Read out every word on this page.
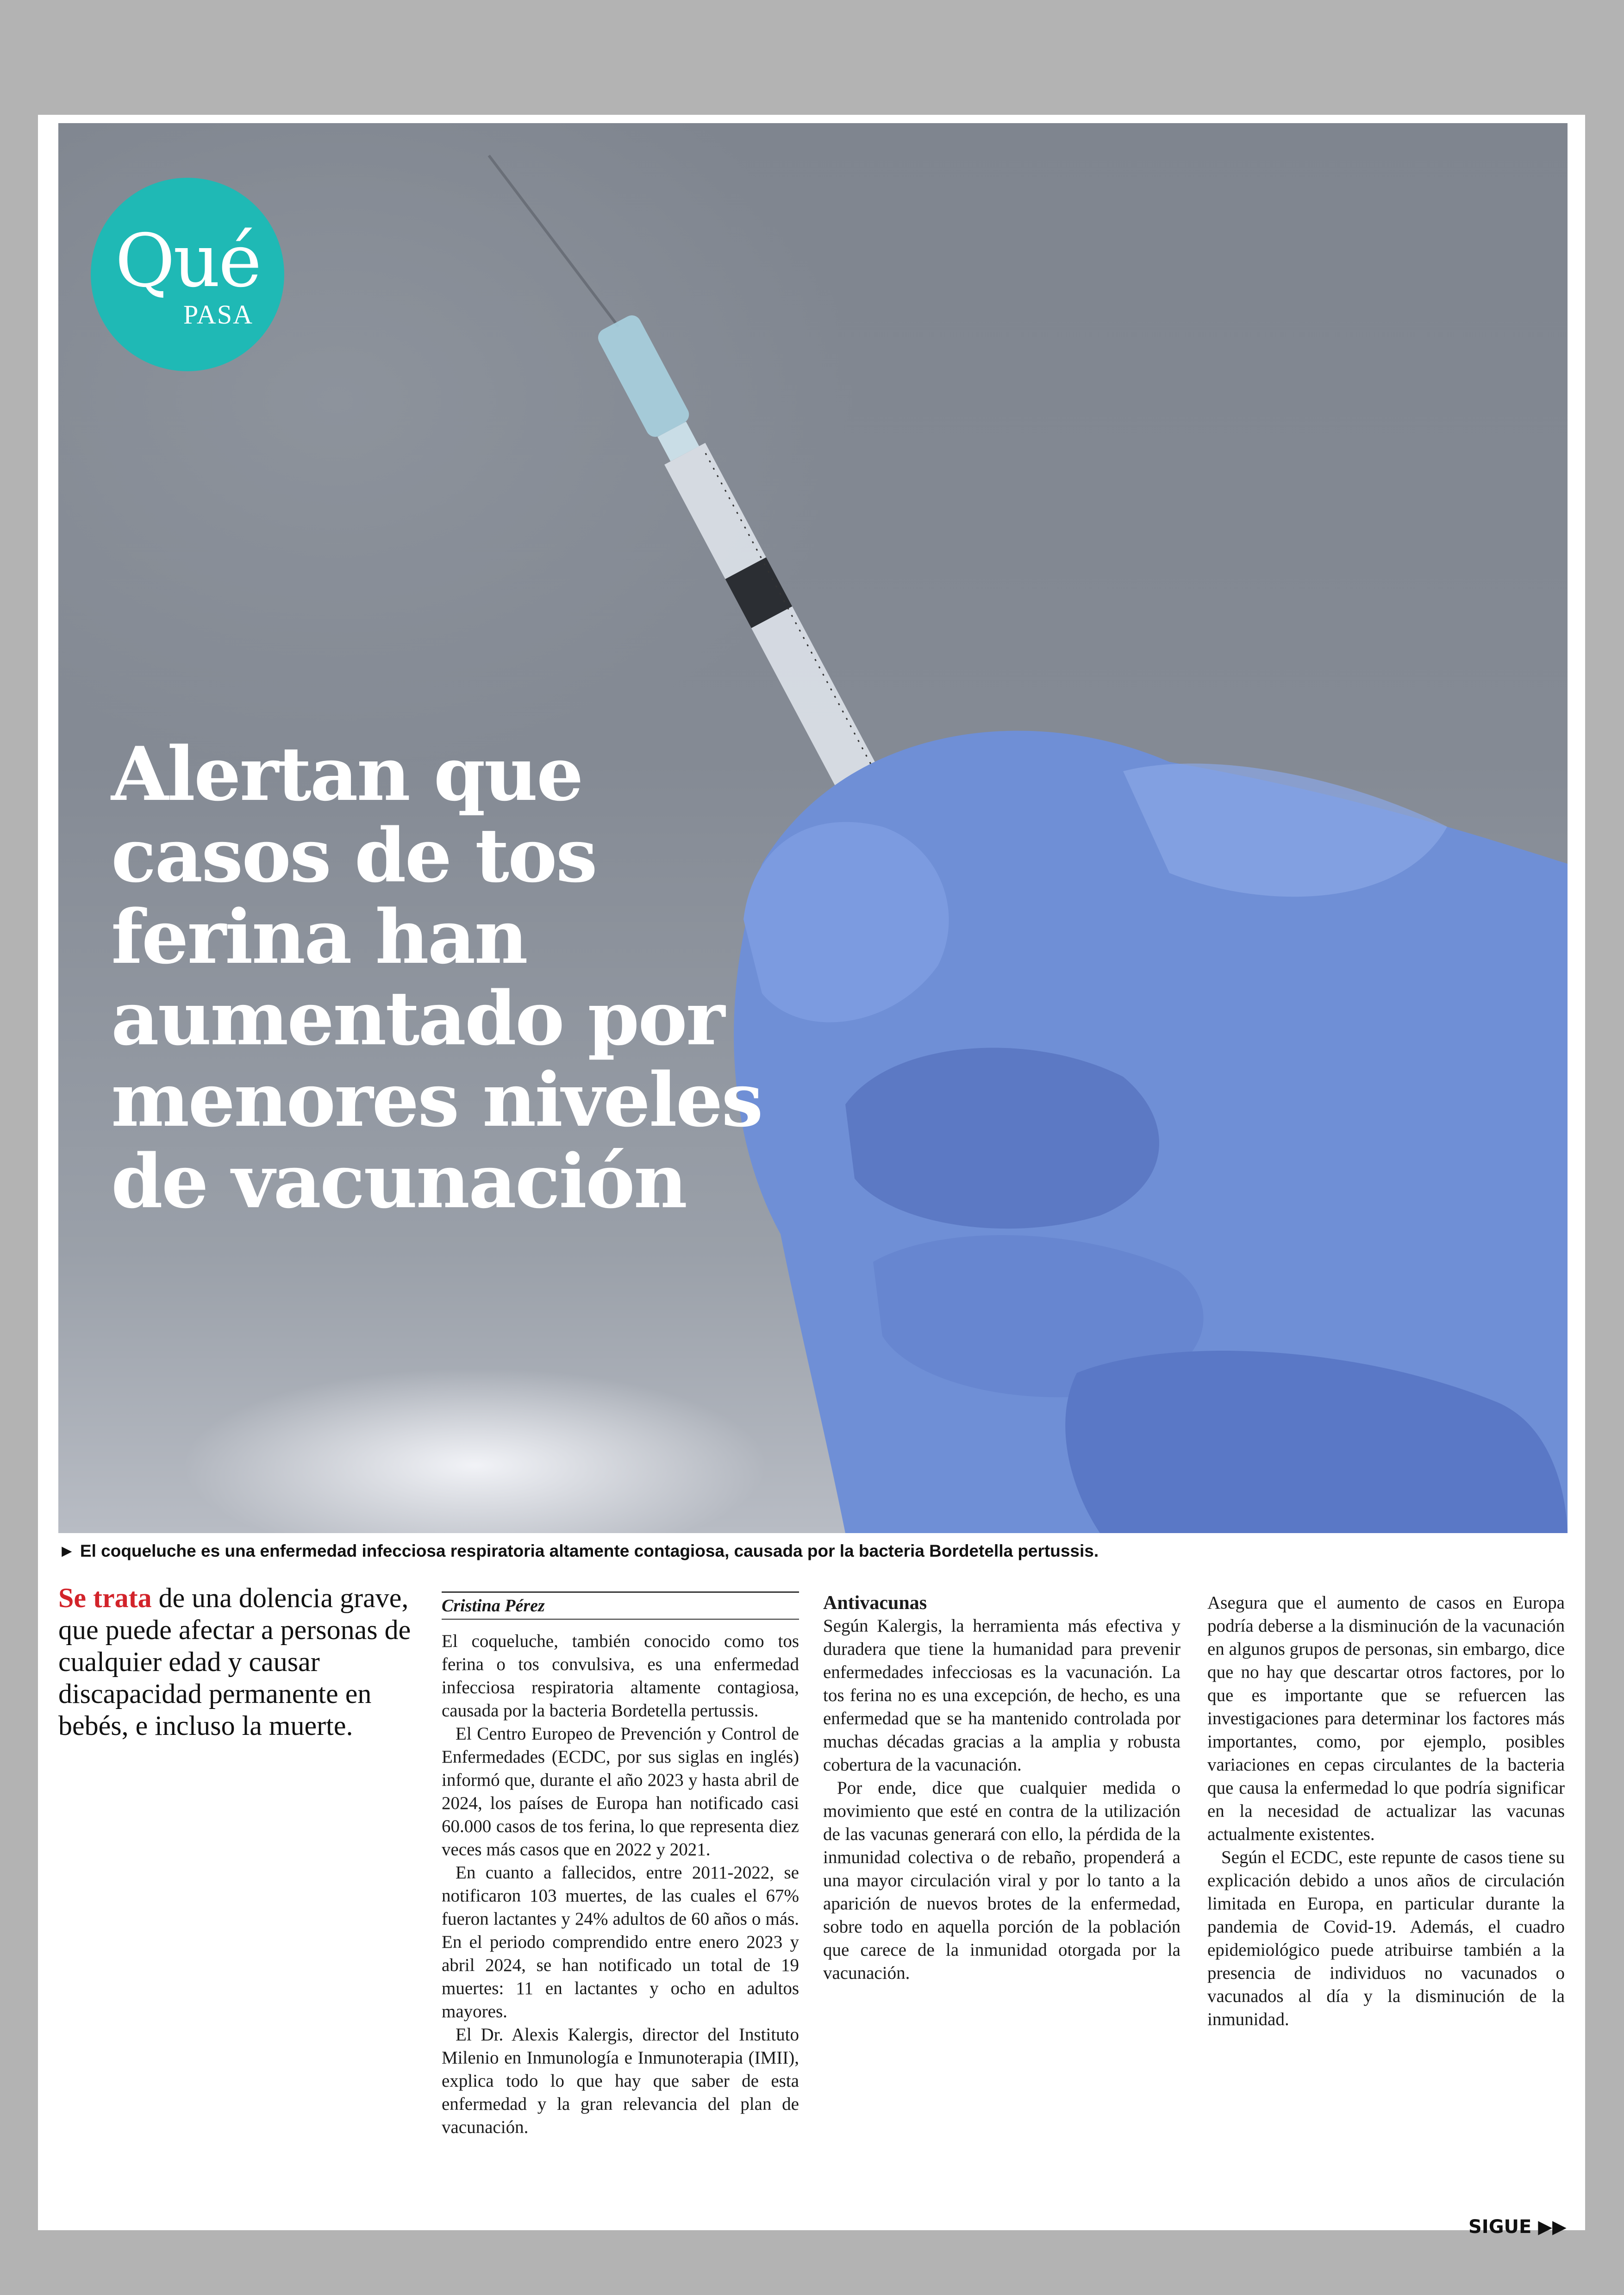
Qué
PASA
Alertan que casos de tos ferina han aumentado por menores niveles de vacunación
► El coqueluche es una enfermedad infecciosa respiratoria altamente contagiosa, causada por la bacteria Bordetella pertussis.
Se trata de una dolencia grave, que puede afectar a personas de cualquier edad y causar discapacidad permanente en bebés, e incluso la muerte.
Cristina Pérez

El coqueluche, también conocido como tos ferina o tos convulsiva, es una enfermedad infecciosa respiratoria altamente contagiosa, causada por la bacteria Bordetella pertussis.

El Centro Europeo de Prevención y Control de Enfermedades (ECDC, por sus siglas en inglés) informó que, durante el año 2023 y hasta abril de 2024, los países de Europa han notificado casi 60.000 casos de tos ferina, lo que representa diez veces más casos que en 2022 y 2021.

En cuanto a fallecidos, entre 2011-2022, se notificaron 103 muertes, de las cuales el 67% fueron lactantes y 24% adultos de 60 años o más. En el periodo comprendido entre enero 2023 y abril 2024, se han notificado un total de 19 muertes: 11 en lactantes y ocho en adultos mayores.

El Dr. Alexis Kalergis, director del Instituto Milenio en Inmunología e Inmunoterapia (IMII), explica todo lo que hay que saber de esta enfermedad y la gran relevancia del plan de vacunación.

Antivacunas

Según Kalergis, la herramienta más efectiva y duradera que tiene la humanidad para prevenir enfermedades infecciosas es la vacunación. La tos ferina no es una excepción, de hecho, es una enfermedad que se ha mantenido controlada por muchas décadas gracias a la amplia y robusta cobertura de la vacunación.

Por ende, dice que cualquier medida o movimiento que esté en contra de la utilización de las vacunas generará con ello, la pérdida de la inmunidad colectiva o de rebaño, propenderá a una mayor circulación viral y por lo tanto a la aparición de nuevos brotes de la enfermedad, sobre todo en aquella porción de la población que carece de la inmunidad otorgada por la vacunación.

Asegura que el aumento de casos en Europa podría deberse a la disminución de la vacunación en algunos grupos de personas, sin embargo, dice que no hay que descartar otros factores, por lo que es importante que se refuercen las investigaciones para determinar los factores más importantes, como, por ejemplo, posibles variaciones en cepas circulantes de la bacteria que causa la enfermedad lo que podría significar en la necesidad de actualizar las vacunas actualmente existentes.

Según el ECDC, este repunte de casos tiene su explicación debido a unos años de circulación limitada en Europa, en particular durante la pandemia de Covid-19. Además, el cuadro epidemiológico puede atribuirse también a la presencia de individuos no vacunados o vacunados al día y la disminución de la inmunidad.

SIGUE ▶▶
